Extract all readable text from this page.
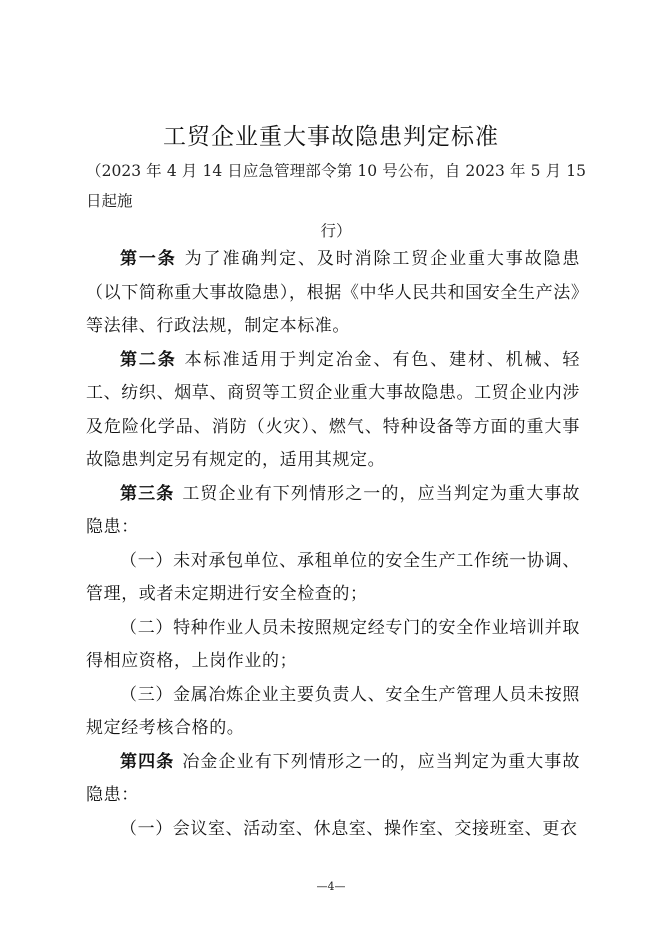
工贸企业重大事故隐患判定标准
（2023 年 4 月 14 日应急管理部令第 10 号公布，自 2023 年 5 月 15 日起施
行）

第一条 为了准确判定、及时消除工贸企业重大事故隐患（以下简称重大事故隐患），根据《中华人民共和国安全生产法》等法律、行政法规，制定本标准。

第二条 本标准适用于判定冶金、有色、建材、机械、轻工、纺织、烟草、商贸等工贸企业重大事故隐患。工贸企业内涉及危险化学品、消防（火灾）、燃气、特种设备等方面的重大事故隐患判定另有规定的，适用其规定。

第三条 工贸企业有下列情形之一的，应当判定为重大事故隐患：

（一）未对承包单位、承租单位的安全生产工作统一协调、管理，或者未定期进行安全检查的；

（二）特种作业人员未按照规定经专门的安全作业培训并取得相应资格，上岗作业的；

（三）金属冶炼企业主要负责人、安全生产管理人员未按照规定经考核合格的。

第四条 冶金企业有下列情形之一的，应当判定为重大事故隐患：

（一）会议室、活动室、休息室、操作室、交接班室、更衣

—4—
